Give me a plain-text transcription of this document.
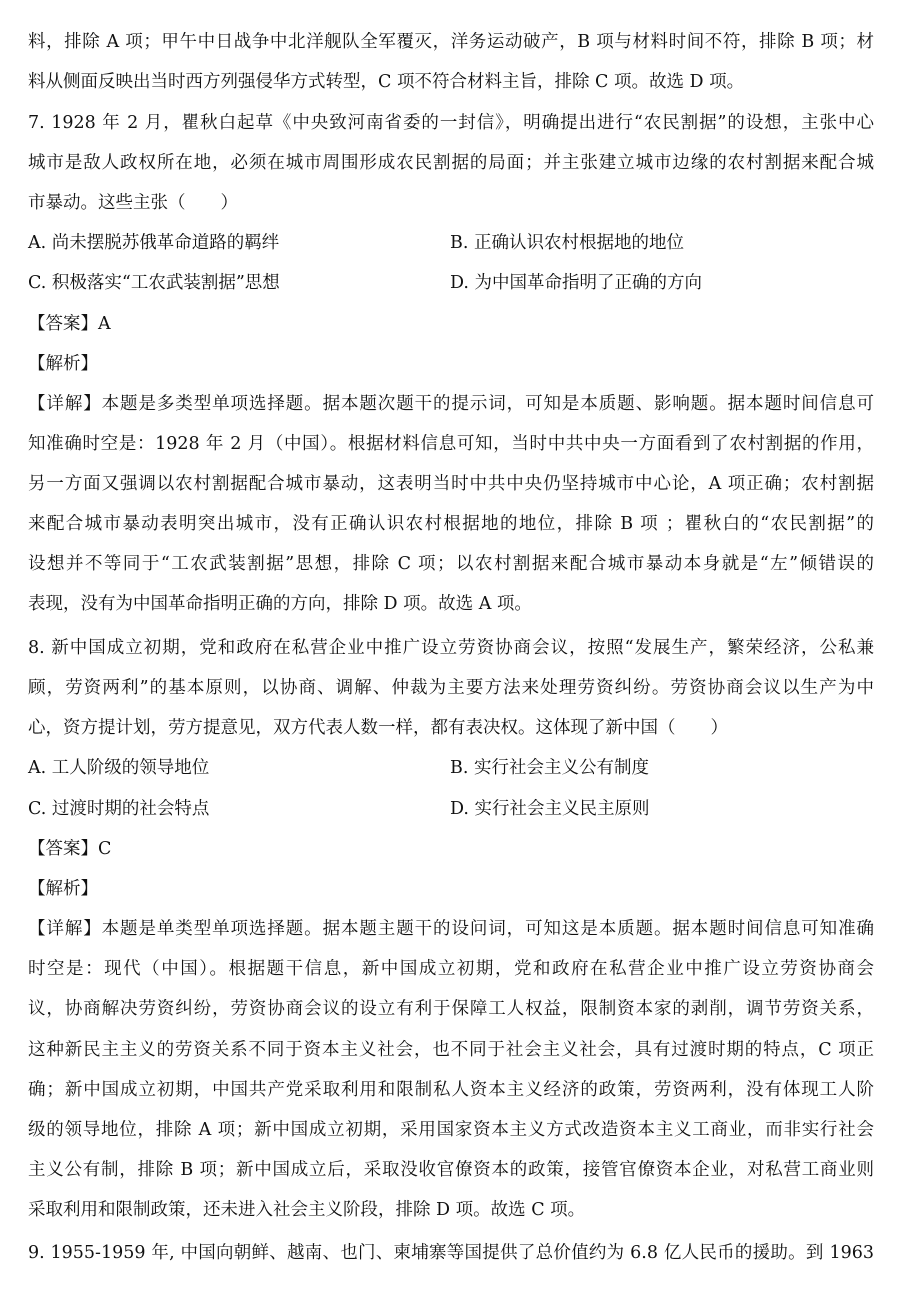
料，排除 A 项；甲午中日战争中北洋舰队全军覆灭，洋务运动破产，B 项与材料时间不符，排除 B 项；材
料从侧面反映出当时西方列强侵华方式转型，C 项不符合材料主旨，排除 C 项。故选 D 项。
7. 1928 年 2 月，瞿秋白起草《中央致河南省委的一封信》，明确提出进行“农民割据”的设想，主张中心
城市是敌人政权所在地，必须在城市周围形成农民割据的局面；并主张建立城市边缘的农村割据来配合城
市暴动。这些主张（　　）
A. 尚未摆脱苏俄革命道路的羁绊	B. 正确认识农村根据地的地位
C. 积极落实“工农武装割据”思想	D. 为中国革命指明了正确的方向
【答案】A
【解析】
【详解】本题是多类型单项选择题。据本题次题干的提示词，可知是本质题、影响题。据本题时间信息可
知准确时空是：1928 年 2 月（中国）。根据材料信息可知，当时中共中央一方面看到了农村割据的作用，
另一方面又强调以农村割据配合城市暴动，这表明当时中共中央仍坚持城市中心论，A 项正确；农村割据
来配合城市暴动表明突出城市，没有正确认识农村根据地的地位，排除 B 项 ；瞿秋白的“农民割据”的
设想并不等同于“工农武装割据”思想，排除 C 项；以农村割据来配合城市暴动本身就是“左”倾错误的
表现，没有为中国革命指明正确的方向，排除 D 项。故选 A 项。
8. 新中国成立初期，党和政府在私营企业中推广设立劳资协商会议，按照“发展生产，繁荣经济，公私兼
顾，劳资两利”的基本原则，以协商、调解、仲裁为主要方法来处理劳资纠纷。劳资协商会议以生产为中
心，资方提计划，劳方提意见，双方代表人数一样，都有表决权。这体现了新中国（　　）
A. 工人阶级的领导地位	B. 实行社会主义公有制度
C. 过渡时期的社会特点	D. 实行社会主义民主原则
【答案】C
【解析】
【详解】本题是单类型单项选择题。据本题主题干的设问词，可知这是本质题。据本题时间信息可知准确
时空是：现代（中国）。根据题干信息，新中国成立初期，党和政府在私营企业中推广设立劳资协商会
议，协商解决劳资纠纷，劳资协商会议的设立有利于保障工人权益，限制资本家的剥削，调节劳资关系，
这种新民主主义的劳资关系不同于资本主义社会，也不同于社会主义社会，具有过渡时期的特点，C 项正
确；新中国成立初期，中国共产党采取利用和限制私人资本主义经济的政策，劳资两利，没有体现工人阶
级的领导地位，排除 A 项；新中国成立初期，采用国家资本主义方式改造资本主义工商业，而非实行社会
主义公有制，排除 B 项；新中国成立后，采取没收官僚资本的政策，接管官僚资本企业，对私营工商业则
采取利用和限制政策，还未进入社会主义阶段，排除 D 项。故选 C 项。
9. 1955-1959 年, 中国向朝鲜、越南、也门、柬埔寨等国提供了总价值约为 6.8 亿人民币的援助。到 1963
